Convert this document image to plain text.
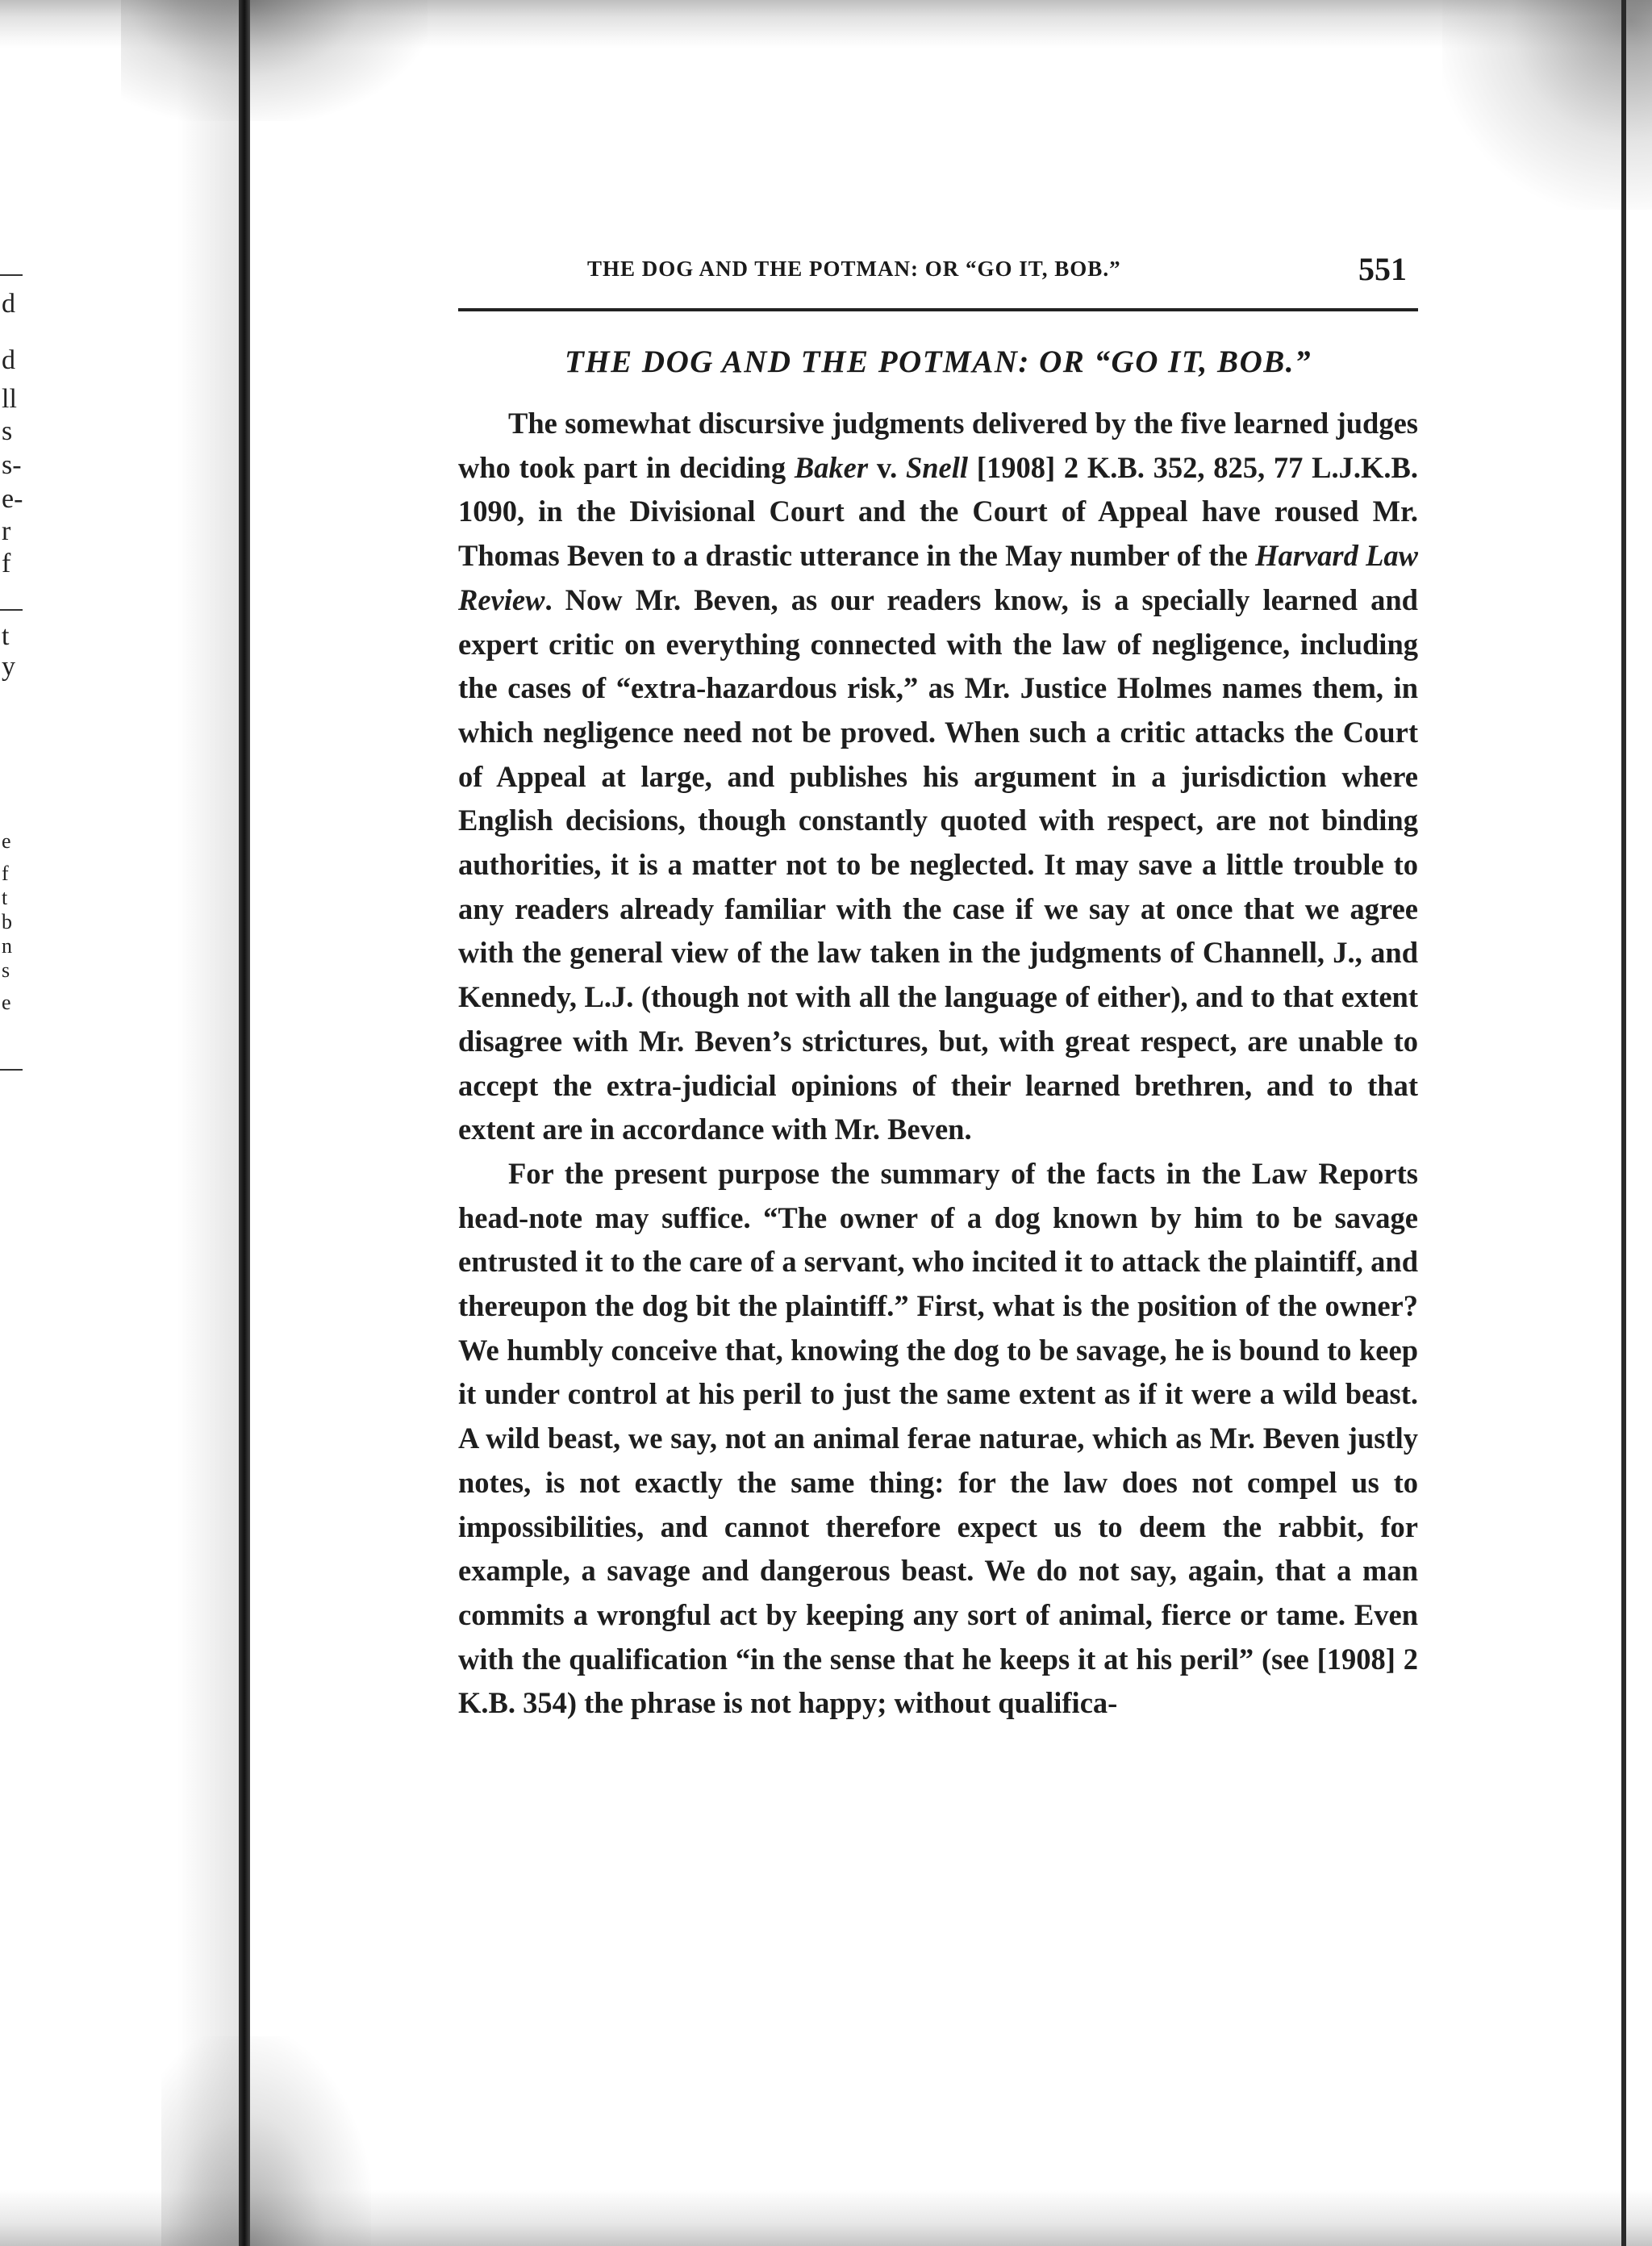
d
d
ll
s
s-
e-
r
f
t
y
e
f
t
b
n
s
e
THE DOG AND THE POTMAN: OR “GO IT, BOB.”	551
THE DOG AND THE POTMAN: OR “GO IT, BOB.”

The somewhat discursive judgments delivered by the five learned judges who took part in deciding Baker v. Snell [1908] 2 K.B. 352, 825, 77 L.J.K.B. 1090, in the Divisional Court and the Court of Appeal have roused Mr. Thomas Beven to a drastic utterance in the May number of the Harvard Law Review. Now Mr. Beven, as our readers know, is a specially learned and expert critic on everything connected with the law of negligence, including the cases of “extra-hazardous risk,” as Mr. Justice Holmes names them, in which negligence need not be proved. When such a critic attacks the Court of Appeal at large, and publishes his argument in a jurisdiction where English decisions, though constantly quoted with respect, are not binding authorities, it is a matter not to be neglected. It may save a little trouble to any readers already familiar with the case if we say at once that we agree with the general view of the law taken in the judgments of Channell, J., and Kennedy, L.J. (though not with all the language of either), and to that extent disagree with Mr. Beven’s strictures, but, with great respect, are unable to accept the extra-judicial opinions of their learned brethren, and to that extent are in accordance with Mr. Beven.

For the present purpose the summary of the facts in the Law Reports head-note may suffice. “The owner of a dog known by him to be savage entrusted it to the care of a servant, who incited it to attack the plaintiff, and thereupon the dog bit the plaintiff.” First, what is the position of the owner? We humbly conceive that, knowing the dog to be savage, he is bound to keep it under control at his peril to just the same extent as if it were a wild beast. A wild beast, we say, not an animal ferae naturae, which as Mr. Beven justly notes, is not exactly the same thing: for the law does not compel us to impossibilities, and cannot therefore expect us to deem the rabbit, for example, a savage and dangerous beast. We do not say, again, that a man commits a wrongful act by keeping any sort of animal, fierce or tame. Even with the qualification “in the sense that he keeps it at his peril” (see [1908] 2 K.B. 354) the phrase is not happy; without qualifica-
